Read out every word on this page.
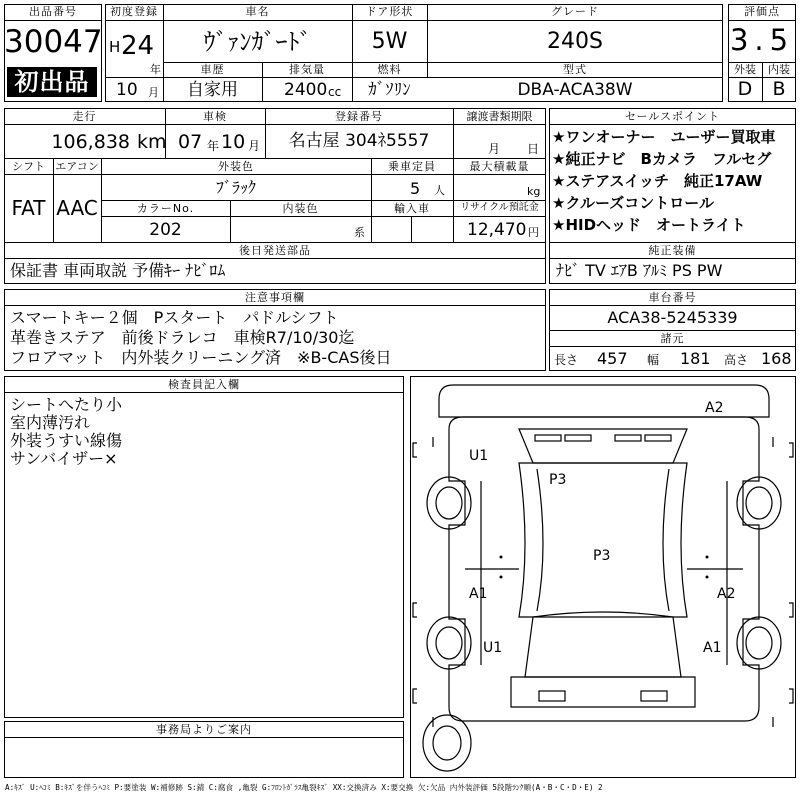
出品番号
30047
初出品
初度登録
H 24
年
10 月
車名
ｳﾞｧﾝｶﾞｰﾄﾞ
ドア形状
5W
グレード
240S
車歴
自家用
排気量
2400 cc
燃料
ｶﾞｿﾘﾝ
型式
DBA-ACA38W
評価点
3.5
外装	内装
D	B
走行
106,838 km
車検
07 年 10 月
登録番号
名古屋 304ﾈ5557
譲渡書類期限
月 日
シフト
FAT
エアコン
AAC
外装色
ﾌﾞﾗｯｸ
カラーNo.
202
内装色
系
乗車定員
5 人
最大積載量
kg
輸入車	リサイクル預託金
12,470 円
後日発送部品
保証書 車両取説 予備ｷｰ ﾅﾋﾞﾛﾑ
セールスポイント
★ワンオーナー　ユーザー買取車
★純正ナビ　Bカメラ　フルセグ
★ステアスイッチ　純正17AW
★クルーズコントロール
★HIDヘッド　オートライト
純正装備
ﾅﾋﾞ TV ｴｱB ｱﾙﾐ PS PW
注意事項欄
スマートキー２個　Pスタート　パドルシフト
革巻きステア　前後ドラレコ　車検R7/10/30迄
フロアマット　内外装クリーニング済　※B-CAS後日
車台番号
ACA38-5245339
諸元
長さ 457 幅 181 高さ 168
検査員記入欄
シートへたり小
室内薄汚れ
外装うすい線傷
サンバイザー×
事務局よりご案内
A2
U1
P3
P3
A1	A2
U1	A1
A:ｷｽﾞ U:ﾍｺﾐ B:ｷｽﾞを伴うﾍｺﾐ P:要塗装 W:補修跡 S:錆 C:腐食 ,亀裂 G:ﾌﾛﾝﾄｶﾞﾗｽ亀裂ｷｽﾞ XX:交換済み X:要交換 欠:欠品 内外装評価 5段階ﾗﾝｸ順(A・B・C・D・E) 2
